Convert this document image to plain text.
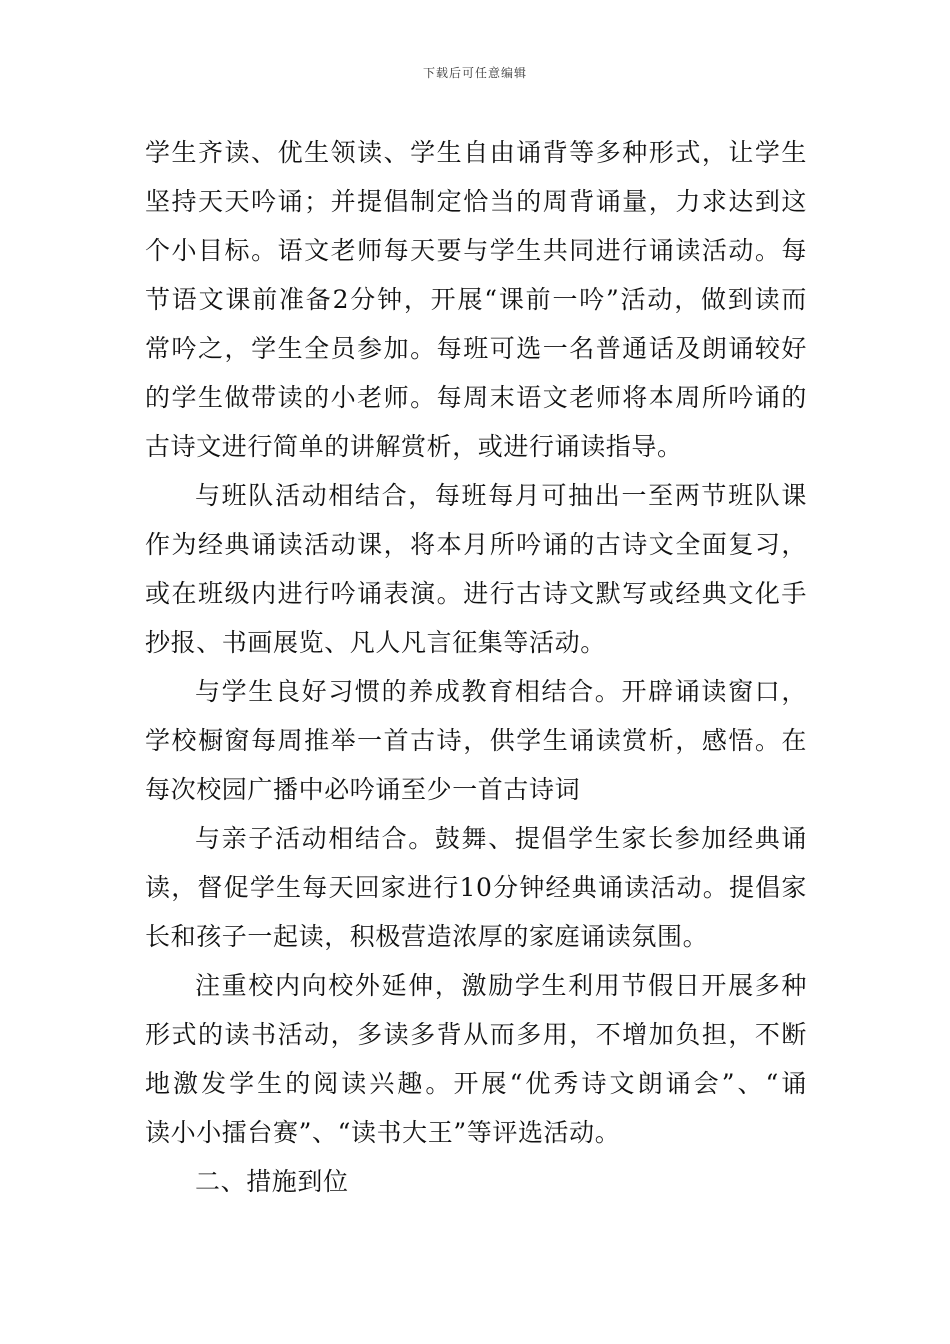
下载后可任意编辑
学生齐读、优生领读、学生自由诵背等多种形式，让学生
坚持天天吟诵；并提倡制定恰当的周背诵量，力求达到这
个小目标。语文老师每天要与学生共同进行诵读活动。每
节语文课前准备2分钟，开展“课前一吟”活动，做到读而
常吟之，学生全员参加。每班可选一名普通话及朗诵较好
的学生做带读的小老师。每周末语文老师将本周所吟诵的
古诗文进行简单的讲解赏析，或进行诵读指导。
与班队活动相结合，每班每月可抽出一至两节班队课
作为经典诵读活动课，将本月所吟诵的古诗文全面复习，
或在班级内进行吟诵表演。进行古诗文默写或经典文化手
抄报、书画展览、凡人凡言征集等活动。
与学生良好习惯的养成教育相结合。开辟诵读窗口，
学校橱窗每周推举一首古诗，供学生诵读赏析，感悟。在
每次校园广播中必吟诵至少一首古诗词
与亲子活动相结合。鼓舞、提倡学生家长参加经典诵
读，督促学生每天回家进行10分钟经典诵读活动。提倡家
长和孩子一起读，积极营造浓厚的家庭诵读氛围。
注重校内向校外延伸，激励学生利用节假日开展多种
形式的读书活动，多读多背从而多用，不增加负担，不断
地激发学生的阅读兴趣。开展“优秀诗文朗诵会”、“诵
读小小擂台赛”、“读书大王”等评选活动。
二、措施到位
